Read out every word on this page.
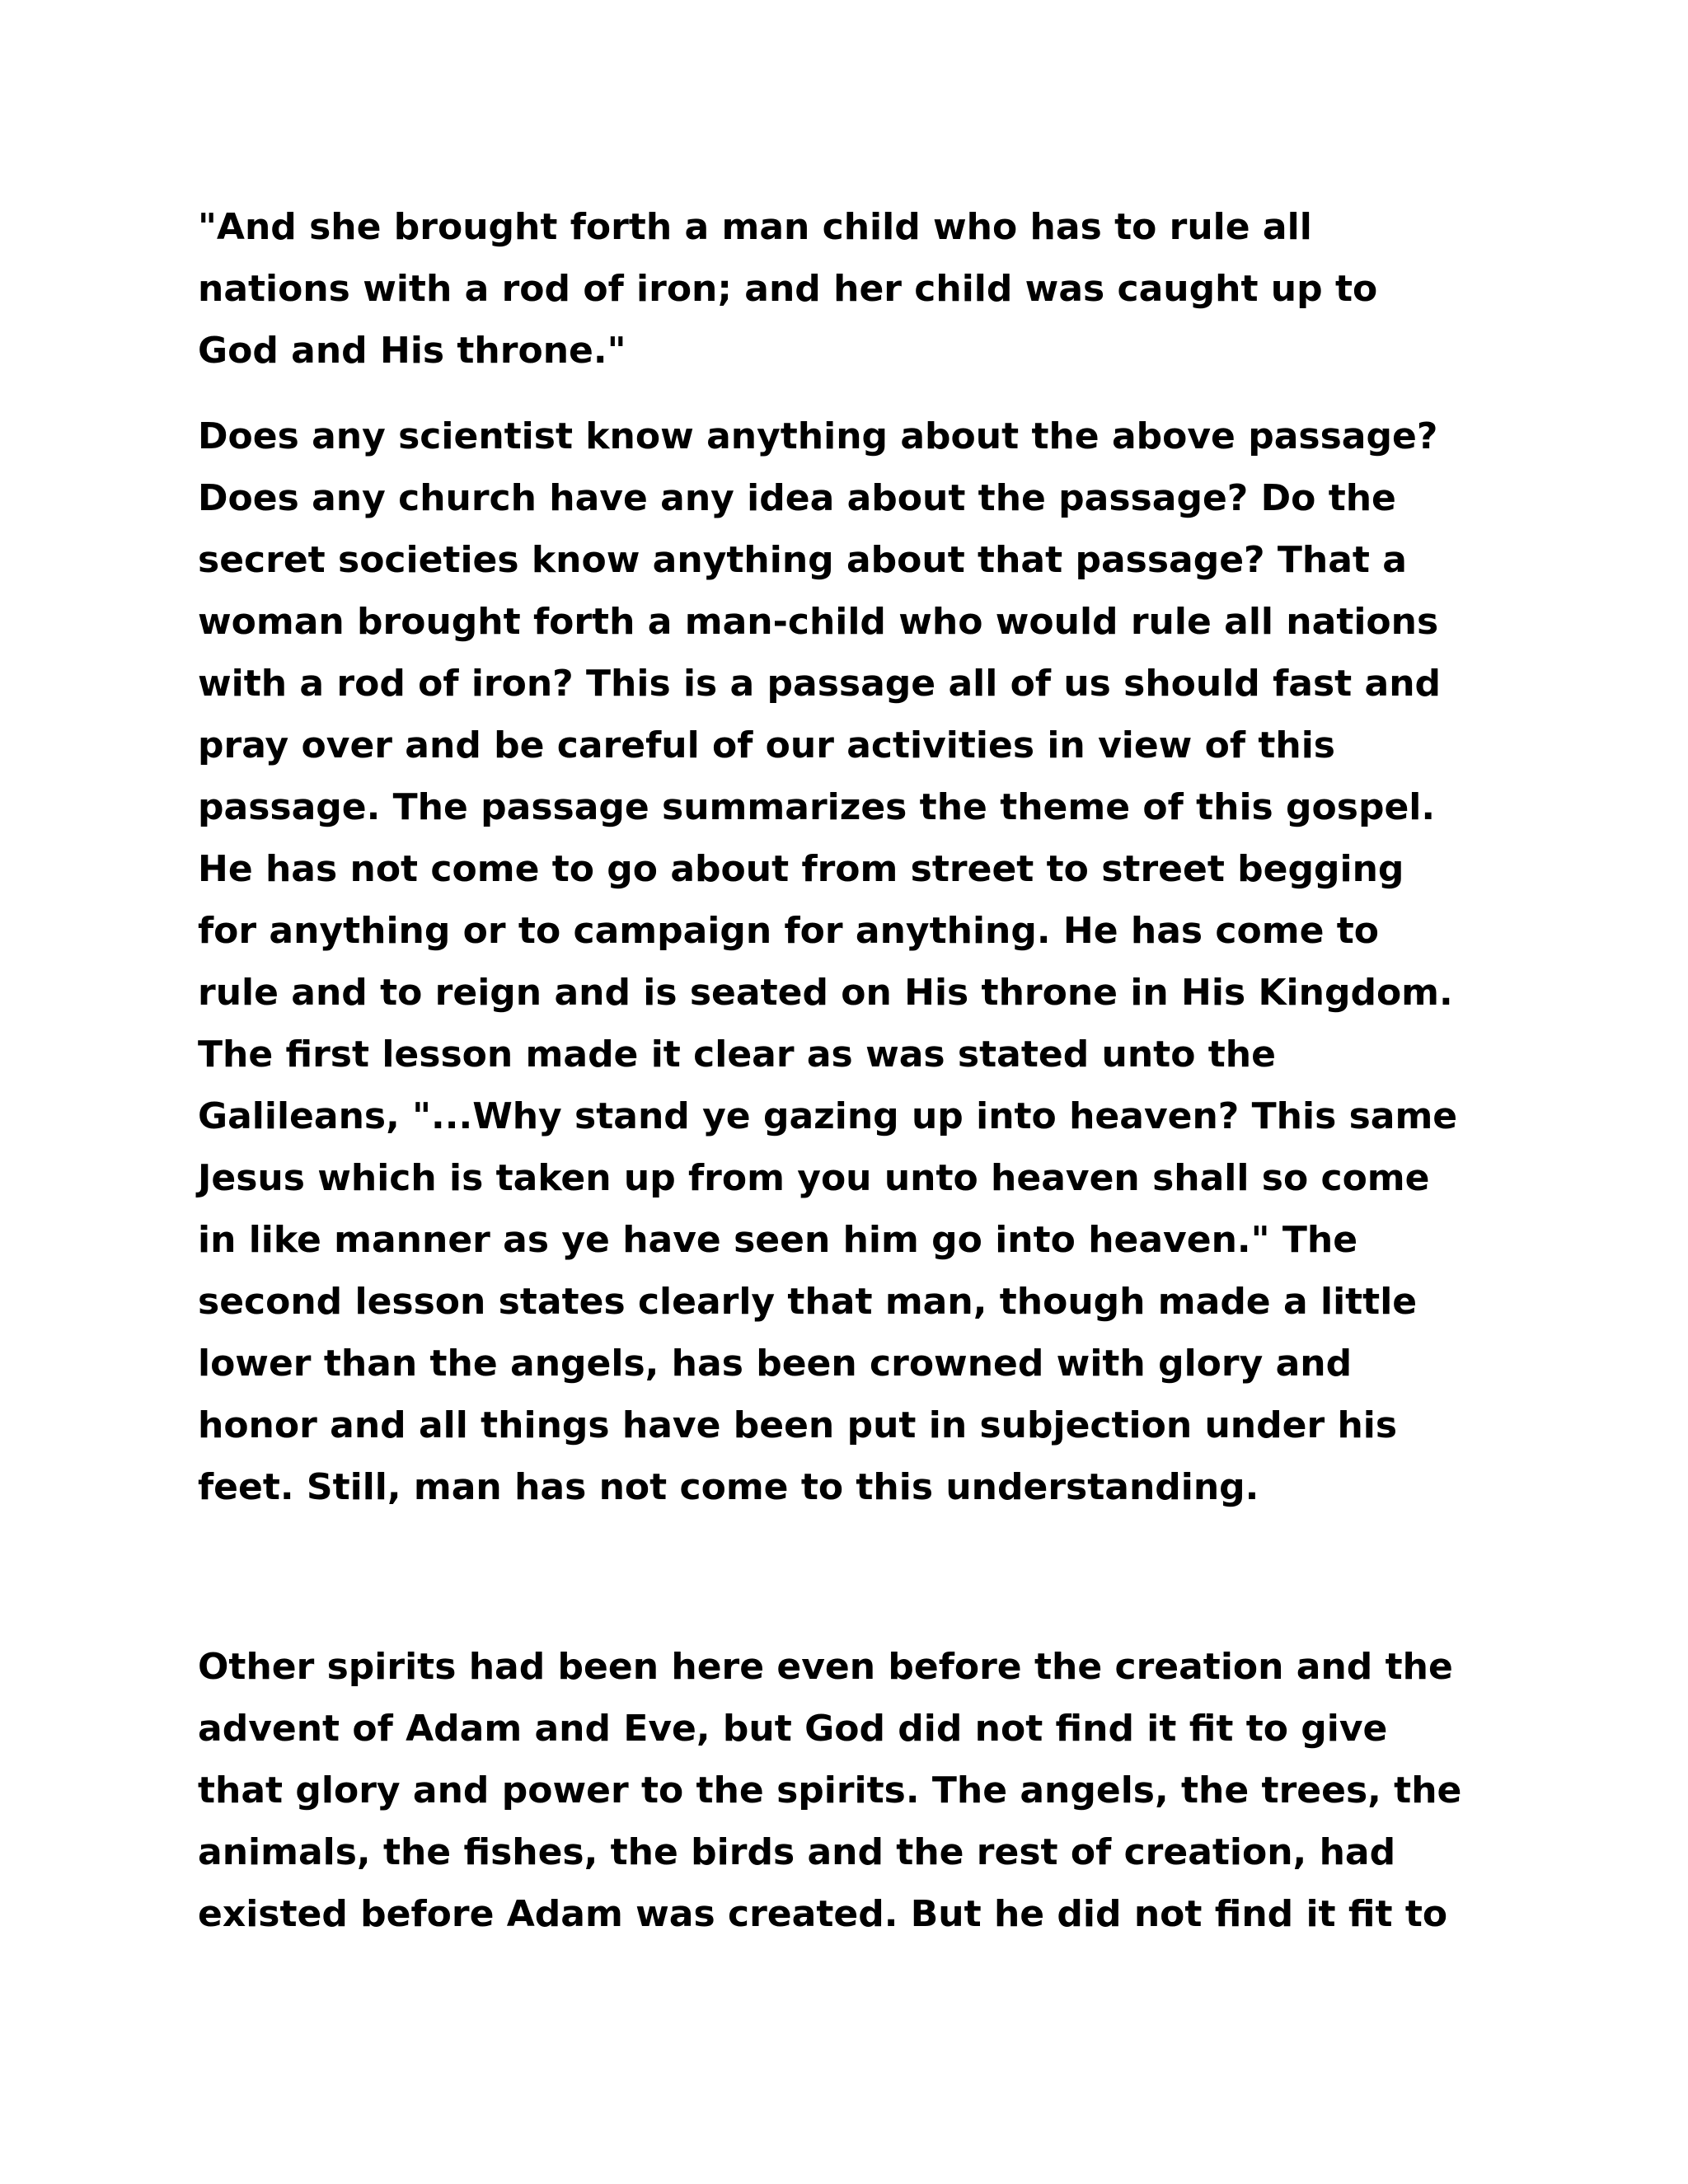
"And she brought forth a man child who has to rule all
nations with a rod of iron; and her child was caught up to
God and His throne."
Does any scientist know anything about the above passage?
Does any church have any idea about the passage? Do the
secret societies know anything about that passage? That a
woman brought forth a man-child who would rule all nations
with a rod of iron? This is a passage all of us should fast and
pray over and be careful of our activities in view of this
passage. The passage summarizes the theme of this gospel.
He has not come to go about from street to street begging
for anything or to campaign for anything. He has come to
rule and to reign and is seated on His throne in His Kingdom.
The first lesson made it clear as was stated unto the
Galileans, "...Why stand ye gazing up into heaven? This same
Jesus which is taken up from you unto heaven shall so come
in like manner as ye have seen him go into heaven." The
second lesson states clearly that man, though made a little
lower than the angels, has been crowned with glory and
honor and all things have been put in subjection under his
feet. Still, man has not come to this understanding.
Other spirits had been here even before the creation and the
advent of Adam and Eve, but God did not find it fit to give
that glory and power to the spirits. The angels, the trees, the
animals, the fishes, the birds and the rest of creation, had
existed before Adam was created. But he did not find it fit to
